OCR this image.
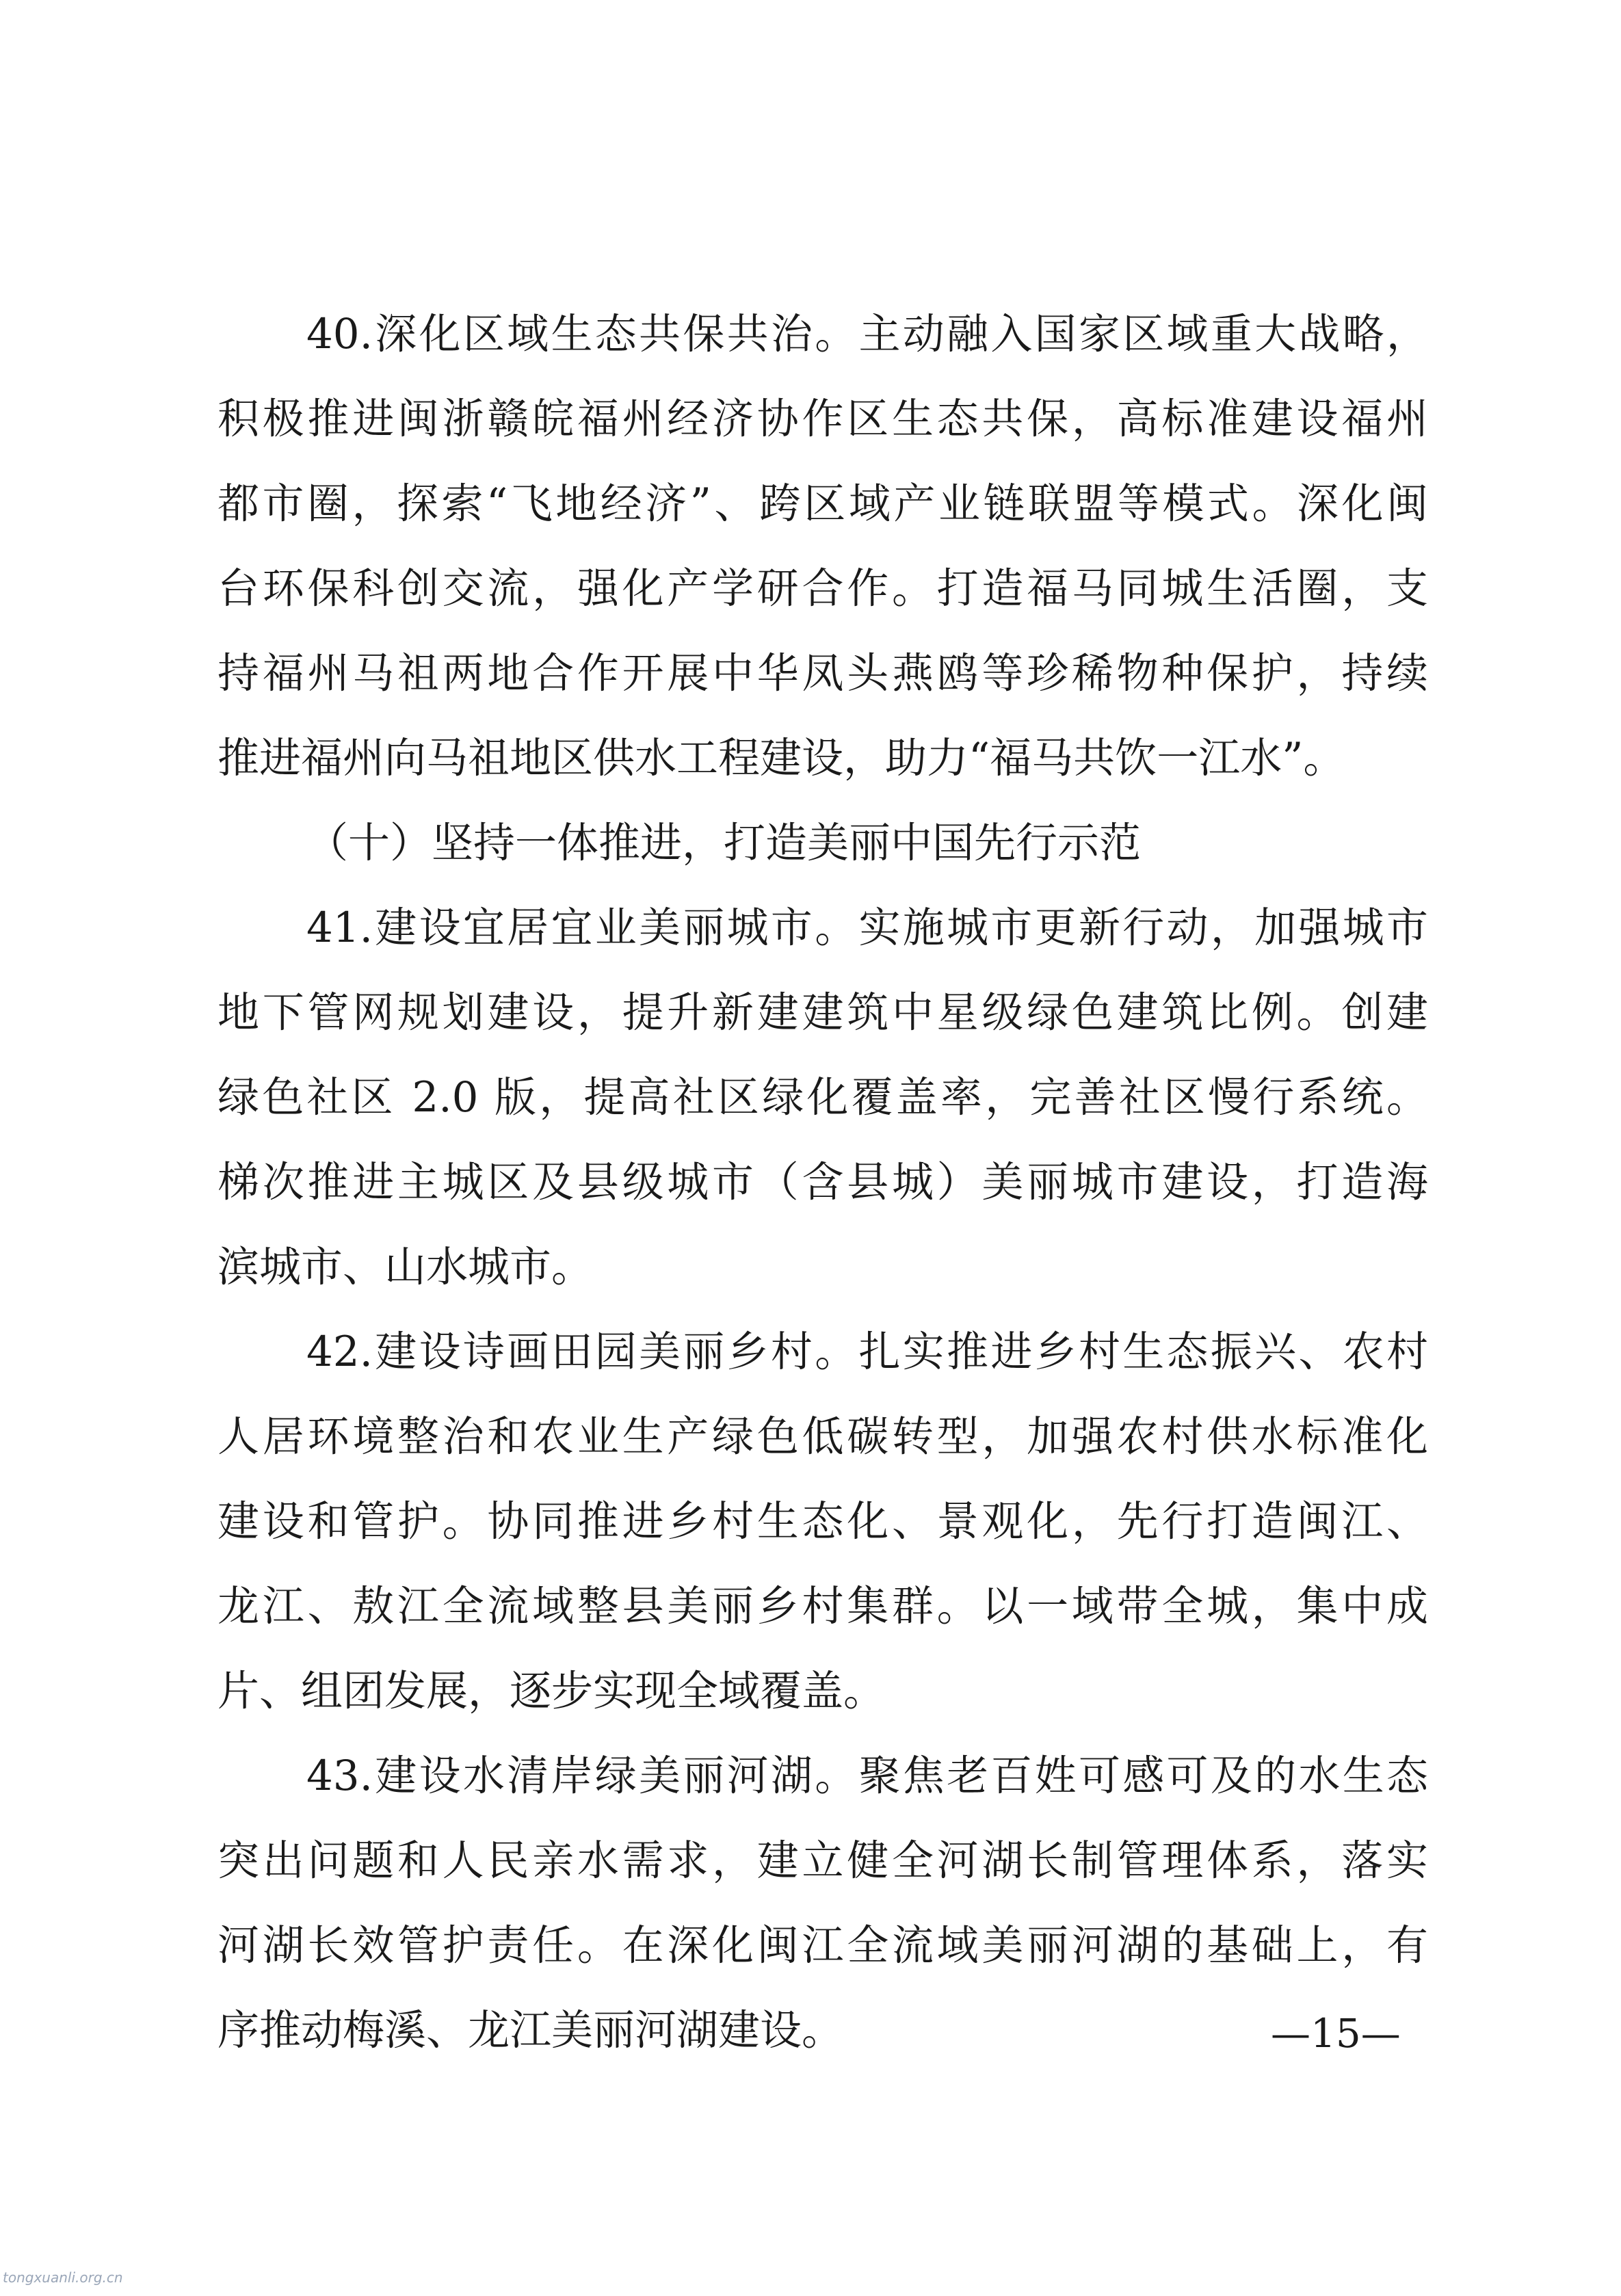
40.深化区域生态共保共治。主动融入国家区域重大战略，
积极推进闽浙赣皖福州经济协作区生态共保，高标准建设福州
都市圈，探索“飞地经济”、跨区域产业链联盟等模式。深化闽
台环保科创交流，强化产学研合作。打造福马同城生活圈，支
持福州马祖两地合作开展中华凤头燕鸥等珍稀物种保护，持续
推进福州向马祖地区供水工程建设，助力“福马共饮一江水”。
（十）坚持一体推进，打造美丽中国先行示范
41.建设宜居宜业美丽城市。实施城市更新行动，加强城市
地下管网规划建设，提升新建建筑中星级绿色建筑比例。创建
绿色社区 2.0 版，提高社区绿化覆盖率，完善社区慢行系统。
梯次推进主城区及县级城市（含县城）美丽城市建设，打造海
滨城市、山水城市。
42.建设诗画田园美丽乡村。扎实推进乡村生态振兴、农村
人居环境整治和农业生产绿色低碳转型，加强农村供水标准化
建设和管护。协同推进乡村生态化、景观化，先行打造闽江、
龙江、敖江全流域整县美丽乡村集群。以一域带全城，集中成
片、组团发展，逐步实现全域覆盖。
43.建设水清岸绿美丽河湖。聚焦老百姓可感可及的水生态
突出问题和人民亲水需求，建立健全河湖长制管理体系，落实
河湖长效管护责任。在深化闽江全流域美丽河湖的基础上，有
序推动梅溪、龙江美丽河湖建设。	—15—
tongxuanli.org.cn
